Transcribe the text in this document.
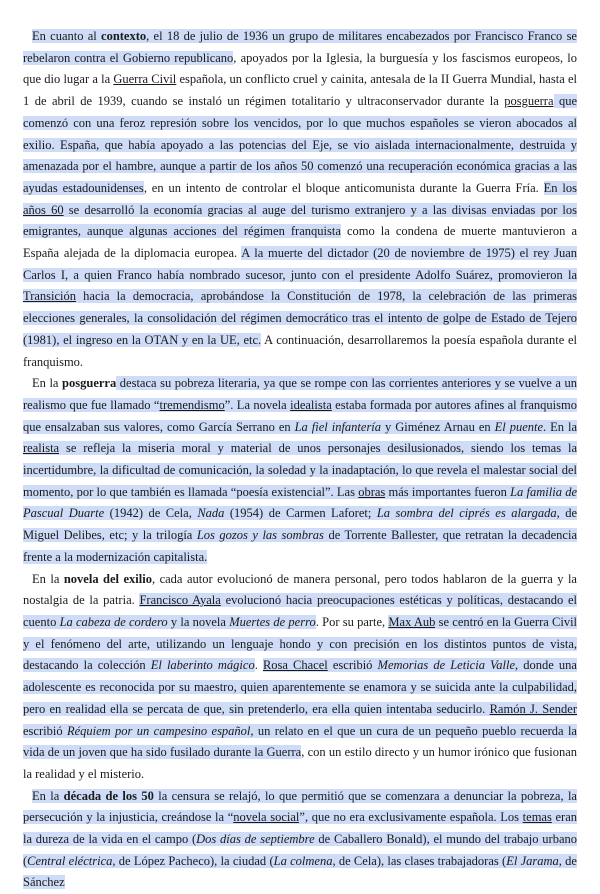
En cuanto al contexto, el 18 de julio de 1936 un grupo de militares encabezados por Francisco Franco se rebelaron contra el Gobierno republicano, apoyados por la Iglesia, la burguesía y los fascismos europeos, lo que dio lugar a la Guerra Civil española, un conflicto cruel y cainita, antesala de la II Guerra Mundial, hasta el 1 de abril de 1939, cuando se instaló un régimen totalitario y ultraconservador durante la posguerra que comenzó con una feroz represión sobre los vencidos, por lo que muchos españoles se vieron abocados al exilio. España, que había apoyado a las potencias del Eje, se vio aislada internacionalmente, destruida y amenazada por el hambre, aunque a partir de los años 50 comenzó una recuperación económica gracias a las ayudas estadounidenses, en un intento de controlar el bloque anticomunista durante la Guerra Fría. En los años 60 se desarrolló la economía gracias al auge del turismo extranjero y a las divisas enviadas por los emigrantes, aunque algunas acciones del régimen franquista como la condena de muerte mantuvieron a España alejada de la diplomacia europea. A la muerte del dictador (20 de noviembre de 1975) el rey Juan Carlos I, a quien Franco había nombrado sucesor, junto con el presidente Adolfo Suárez, promovieron la Transición hacia la democracia, aprobándose la Constitución de 1978, la celebración de las primeras elecciones generales, la consolidación del régimen democrático tras el intento de golpe de Estado de Tejero (1981), el ingreso en la OTAN y en la UE, etc. A continuación, desarrollaremos la poesía española durante el franquismo.

En la posguerra destaca su pobreza literaria, ya que se rompe con las corrientes anteriores y se vuelve a un realismo que fue llamado “tremendismo”. La novela idealista estaba formada por autores afines al franquismo que ensalzaban sus valores, como García Serrano en La fiel infantería y Giménez Arnau en El puente. En la realista se refleja la miseria moral y material de unos personajes desilusionados, siendo los temas la incertidumbre, la dificultad de comunicación, la soledad y la inadaptación, lo que revela el malestar social del momento, por lo que también es llamada “poesía existencial”. Las obras más importantes fueron La familia de Pascual Duarte (1942) de Cela, Nada (1954) de Carmen Laforet; La sombra del ciprés es alargada, de Miguel Delibes, etc; y la trilogía Los gozos y las sombras de Torrente Ballester, que retratan la decadencia frente a la modernización capitalista.

En la novela del exilio, cada autor evolucionó de manera personal, pero todos hablaron de la guerra y la nostalgia de la patria. Francisco Ayala evolucionó hacia preocupaciones estéticas y políticas, destacando el cuento La cabeza de cordero y la novela Muertes de perro. Por su parte, Max Aub se centró en la Guerra Civil y el fenómeno del arte, utilizando un lenguaje hondo y con precisión en los distintos puntos de vista, destacando la colección El laberinto mágico. Rosa Chacel escribió Memorias de Leticia Valle, donde una adolescente es reconocida por su maestro, quien aparentemente se enamora y se suicida ante la culpabilidad, pero en realidad ella se percata de que, sin pretenderlo, era ella quien intentaba seducirlo. Ramón J. Sender escribió Réquiem por un campesino español, un relato en el que un cura de un pequeño pueblo recuerda la vida de un joven que ha sido fusilado durante la Guerra, con un estilo directo y un humor irónico que fusionan la realidad y el misterio.

En la década de los 50 la censura se relajó, lo que permitió que se comenzara a denunciar la pobreza, la persecución y la injusticia, creándose la “novela social”, que no era exclusivamente española. Los temas eran la dureza de la vida en el campo (Dos días de septiembre de Caballero Bonald), el mundo del trabajo urbano (Central eléctrica, de López Pacheco), la ciudad (La colmena, de Cela), las clases trabajadoras (El Jarama, de Sánchez
